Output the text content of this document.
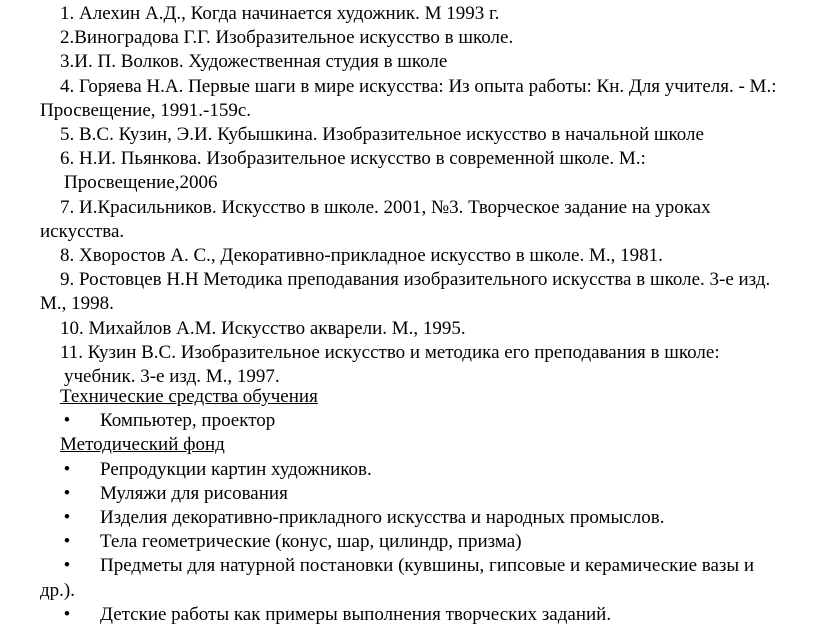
1. Алехин А.Д., Когда начинается художник. М 1993 г.

2.Виноградова Г.Г. Изобразительное искусство в школе.

3.И. П. Волков. Художественная студия в школе

4. Горяева Н.А. Первые шаги в мире искусства: Из опыта работы: Кн. Для учителя. - М.:
Просвещение, 1991.-159с.

5. В.С. Кузин, Э.И. Кубышкина. Изобразительное искусство в начальной школе

6. Н.И. Пьянкова. Изобразительное искусство в современной школе. М.:
Просвещение,2006

7. И.Красильников. Искусство в школе. 2001, №3. Творческое задание на уроках
искусства.

8. Хворостов А. С., Декоративно-прикладное искусство в школе. М., 1981.

9. Ростовцев Н.Н Методика преподавания изобразительного искусства в школе. 3-е изд.
М., 1998.

10. Михайлов А.М. Искусство акварели. М., 1995.

11. Кузин В.С. Изобразительное искусство и методика его преподавания в школе:
учебник. 3-е изд. М., 1997.

Технические средства обучения

• Компьютер, проектор

Методический фонд

• Репродукции картин художников.

• Муляжи для рисования

• Изделия декоративно-прикладного искусства и народных промыслов.

• Тела геометрические (конус, шар, цилиндр, призма)

•	Предметы для натурной постановки (кувшины, гипсовые и керамические вазы и
др.).

• Детские работы как примеры выполнения творческих заданий.
